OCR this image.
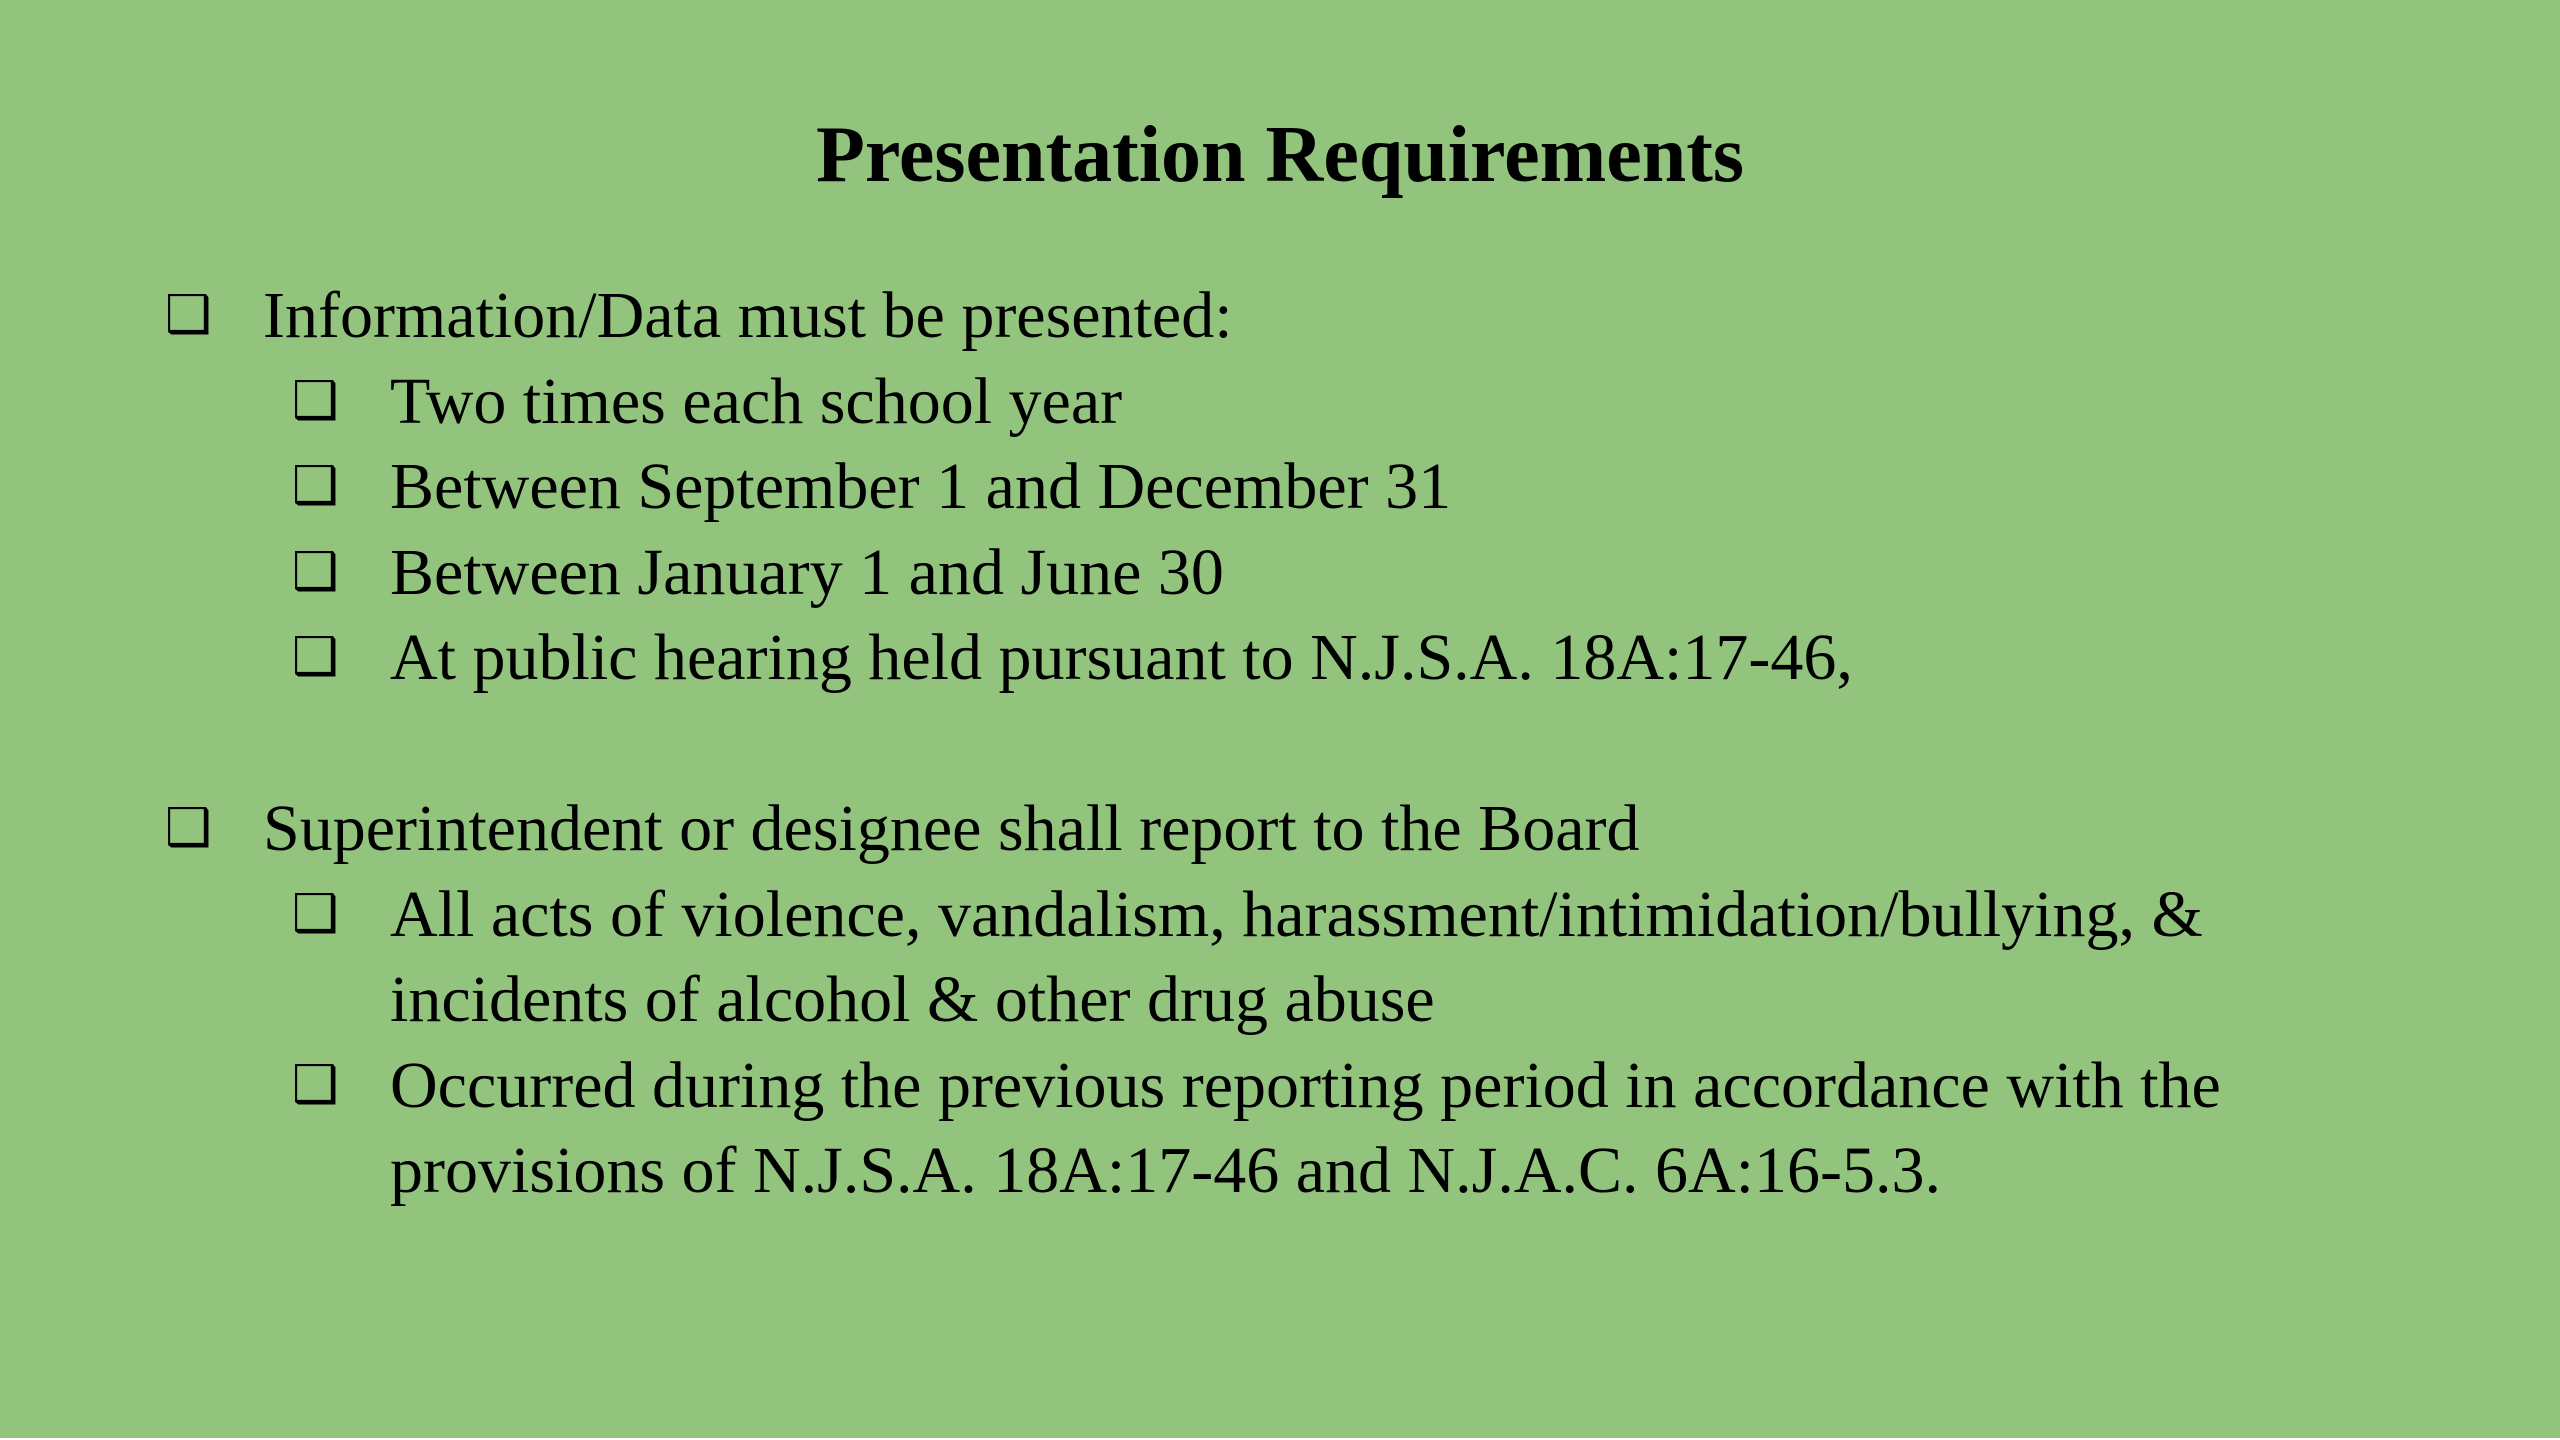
Presentation Requirements
❑ Information/Data must be presented:
❑ Two times each school year
❑ Between September 1 and December 31
❑ Between January 1 and June 30
❑ At public hearing held pursuant to N.J.S.A. 18A:17-46,
❑ Superintendent or designee shall report to the Board
❑ All acts of violence, vandalism, harassment/intimidation/bullying, & incidents of alcohol & other drug abuse
❑ Occurred during the previous reporting period in accordance with the provisions of N.J.S.A. 18A:17-46 and N.J.A.C. 6A:16-5.3.
